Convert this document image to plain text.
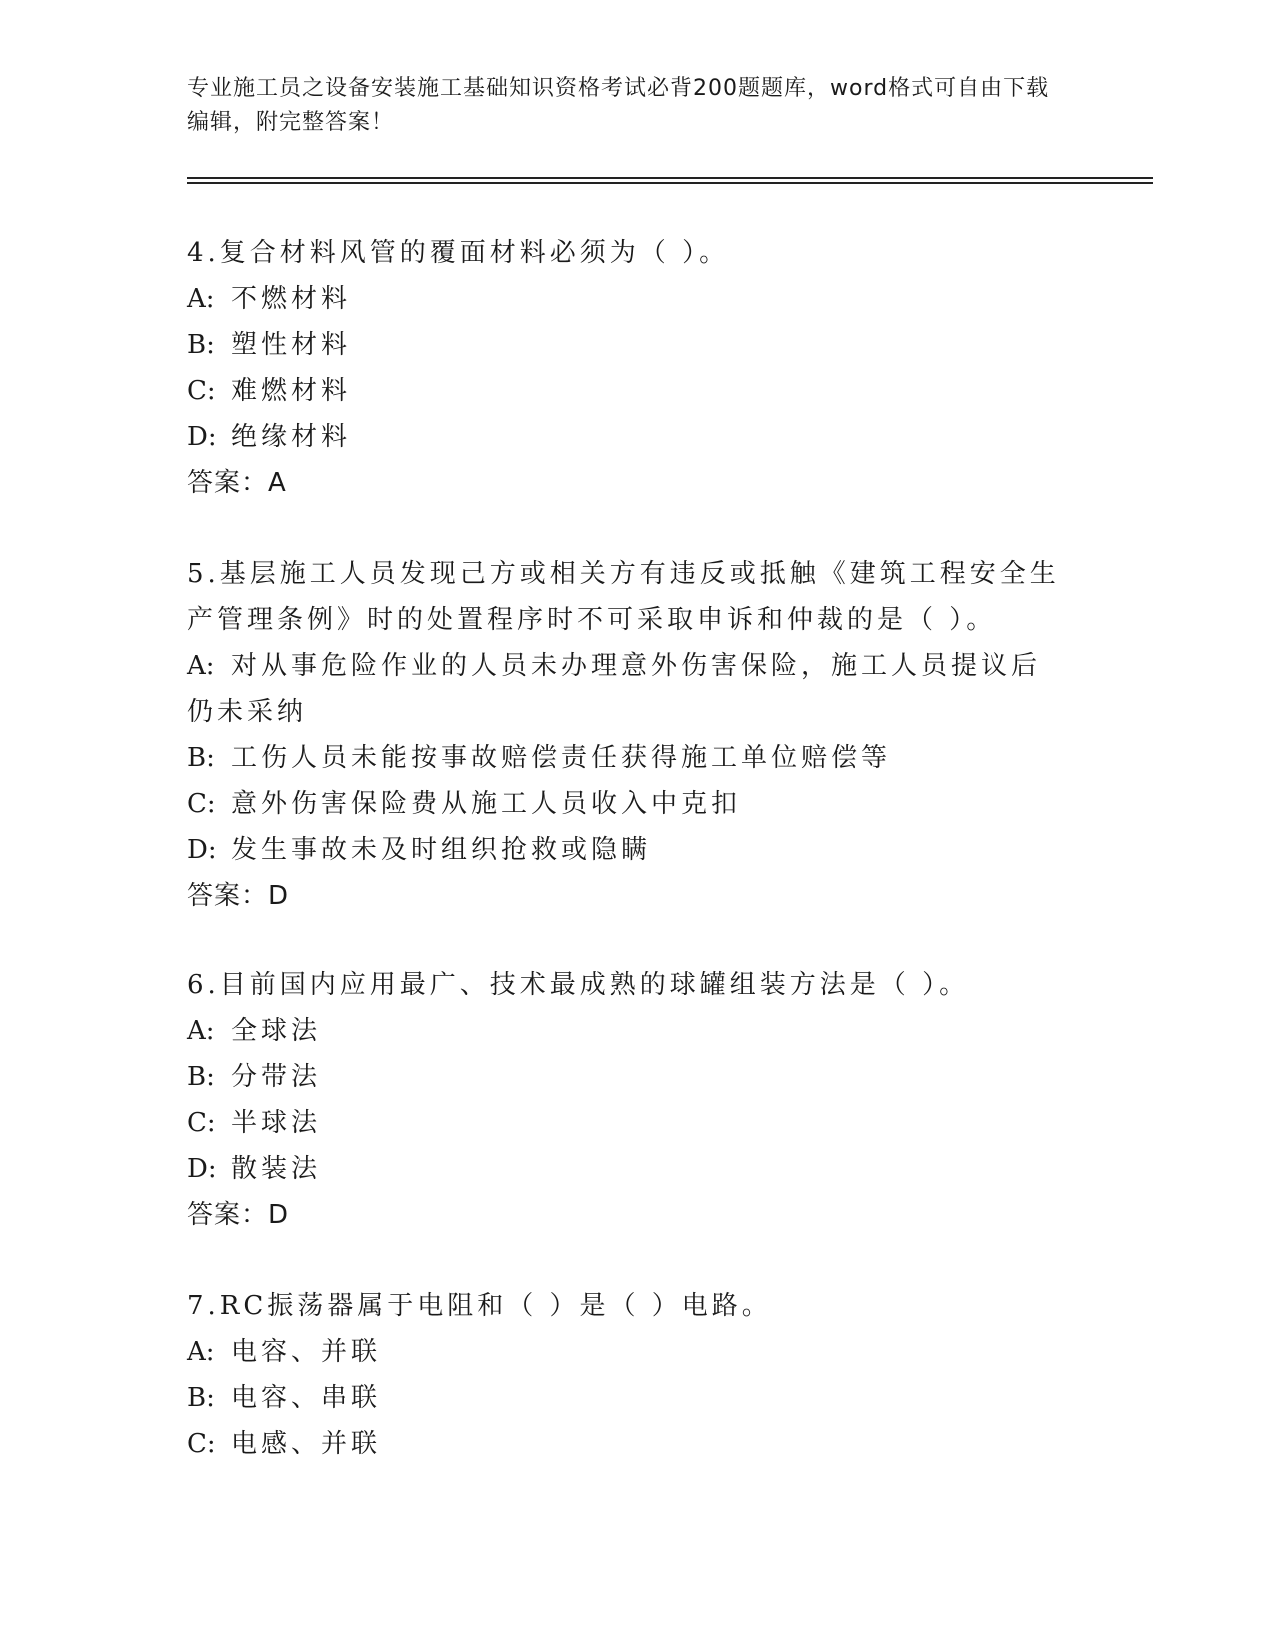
专业施工员之设备安装施工基础知识资格考试必背200题题库，word格式可自由下载编辑，附完整答案！
4.复合材料风管的覆面材料必须为（ ）。
A: 不燃材料
B: 塑性材料
C: 难燃材料
D: 绝缘材料
答案：A
5.基层施工人员发现己方或相关方有违反或抵触《建筑工程安全生产管理条例》时的处置程序时不可采取申诉和仲裁的是（ ）。
A: 对从事危险作业的人员未办理意外伤害保险，施工人员提议后仍未采纳
B: 工伤人员未能按事故赔偿责任获得施工单位赔偿等
C: 意外伤害保险费从施工人员收入中克扣
D: 发生事故未及时组织抢救或隐瞒
答案：D
6.目前国内应用最广、技术最成熟的球罐组装方法是（ ）。
A: 全球法
B: 分带法
C: 半球法
D: 散装法
答案：D
7.RC振荡器属于电阻和（ ）是（ ）电路。
A: 电容、并联
B: 电容、串联
C: 电感、并联
